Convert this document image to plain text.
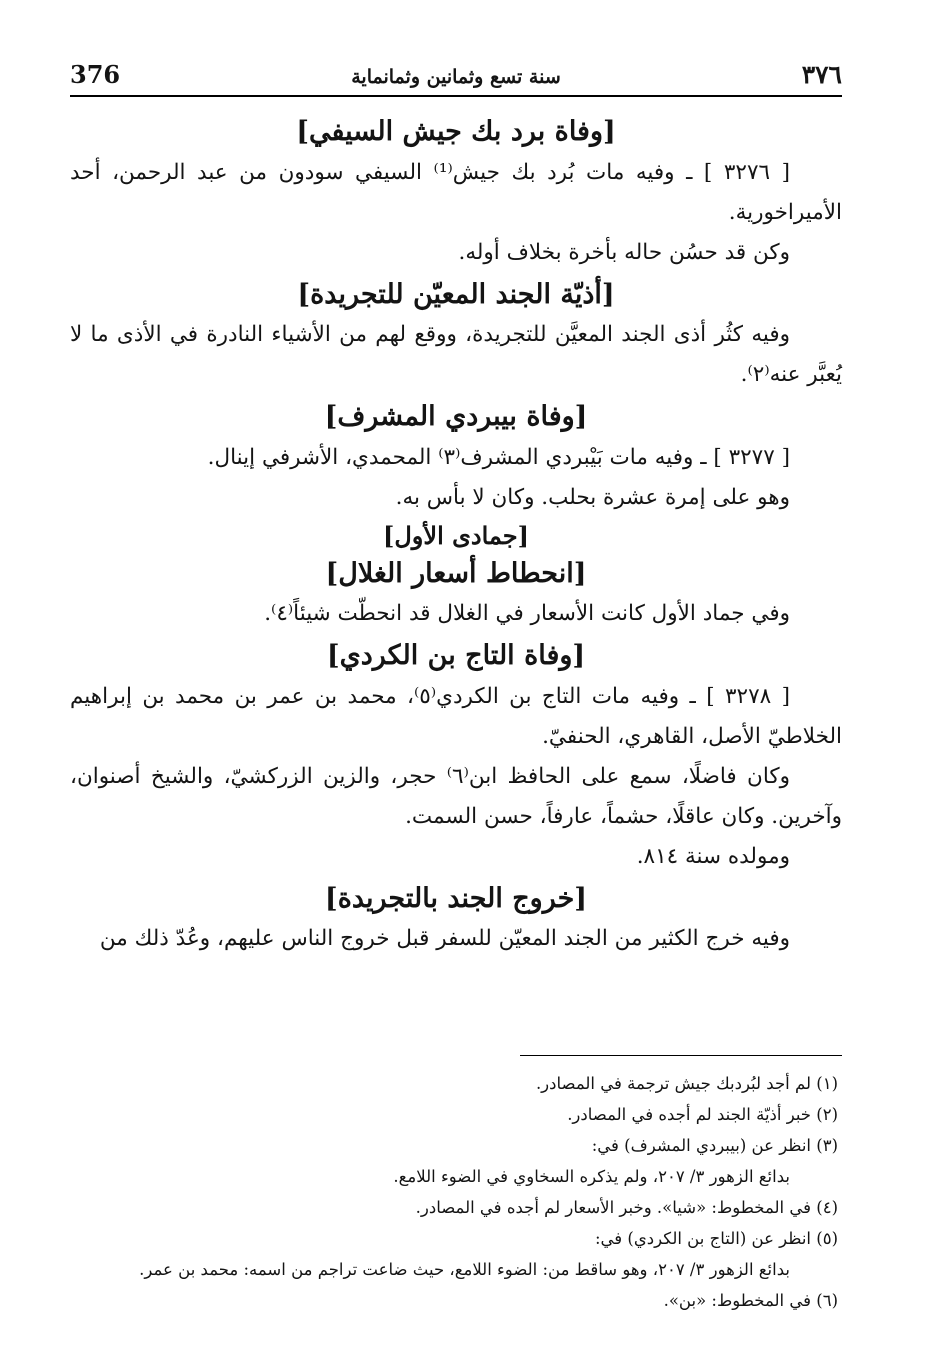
376	سنة تسع وثمانين وثمانماية	٣٧٦

[وفاة برد بك جيش السيفي]

[ ٣٢٧٦ ] ـ وفيه مات بُرد بك جيش⁽¹⁾ السيفي سودون من عبد الرحمن، أحد الأميراخورية.

وكن قد حسُن حاله بأخرة بخلاف أوله.

[أذيّة الجند المعيّن للتجريدة]

وفيه كثُر أذى الجند المعيَّن للتجريدة، ووقع لهم من الأشياء النادرة في الأذى ما لا يُعبَّر عنه⁽٢⁾.

[وفاة بيبردي المشرف]

[ ٣٢٧٧ ] ـ وفيه مات بَيْبردي المشرف⁽٣⁾ المحمدي، الأشرفي إينال.

وهو على إمرة عشرة بحلب. وكان لا بأس به.

[جمادى الأول]

[انحطاط أسعار الغلال]

وفي جماد الأول كانت الأسعار في الغلال قد انحطّت شيئاً⁽٤⁾.

[وفاة التاج بن الكردي]

[ ٣٢٧٨ ] ـ وفيه مات التاج بن الكردي⁽٥⁾، محمد بن عمر بن محمد بن إبراهيم الخلاطيّ الأصل، القاهري، الحنفيّ.

وكان فاضلًا، سمع على الحافظ ابن⁽٦⁾ حجر، والزين الزركشيّ، والشيخ أصنوان، وآخرين. وكان عاقلًا، حشماً، عارفاً، حسن السمت.

ومولده سنة ٨١٤.

[خروج الجند بالتجريدة]

وفيه خرج الكثير من الجند المعيّن للسفر قبل خروج الناس عليهم، وعُدّ ذلك من

(١) لم أجد لبُردبك جيش ترجمة في المصادر.

(٢) خبر أذيّة الجند لم أجده في المصادر.

(٣) انظر عن (بيبردي المشرف) في:

بدائع الزهور ٣/ ٢٠٧، ولم يذكره السخاوي في الضوء اللامع.

(٤) في المخطوط: «شيا». وخبر الأسعار لم أجده في المصادر.

(٥) انظر عن (التاج بن الكردي) في:

بدائع الزهور ٣/ ٢٠٧، وهو ساقط من: الضوء اللامع، حيث ضاعت تراجم من اسمه: محمد بن عمر.

(٦) في المخطوط: «بن».
